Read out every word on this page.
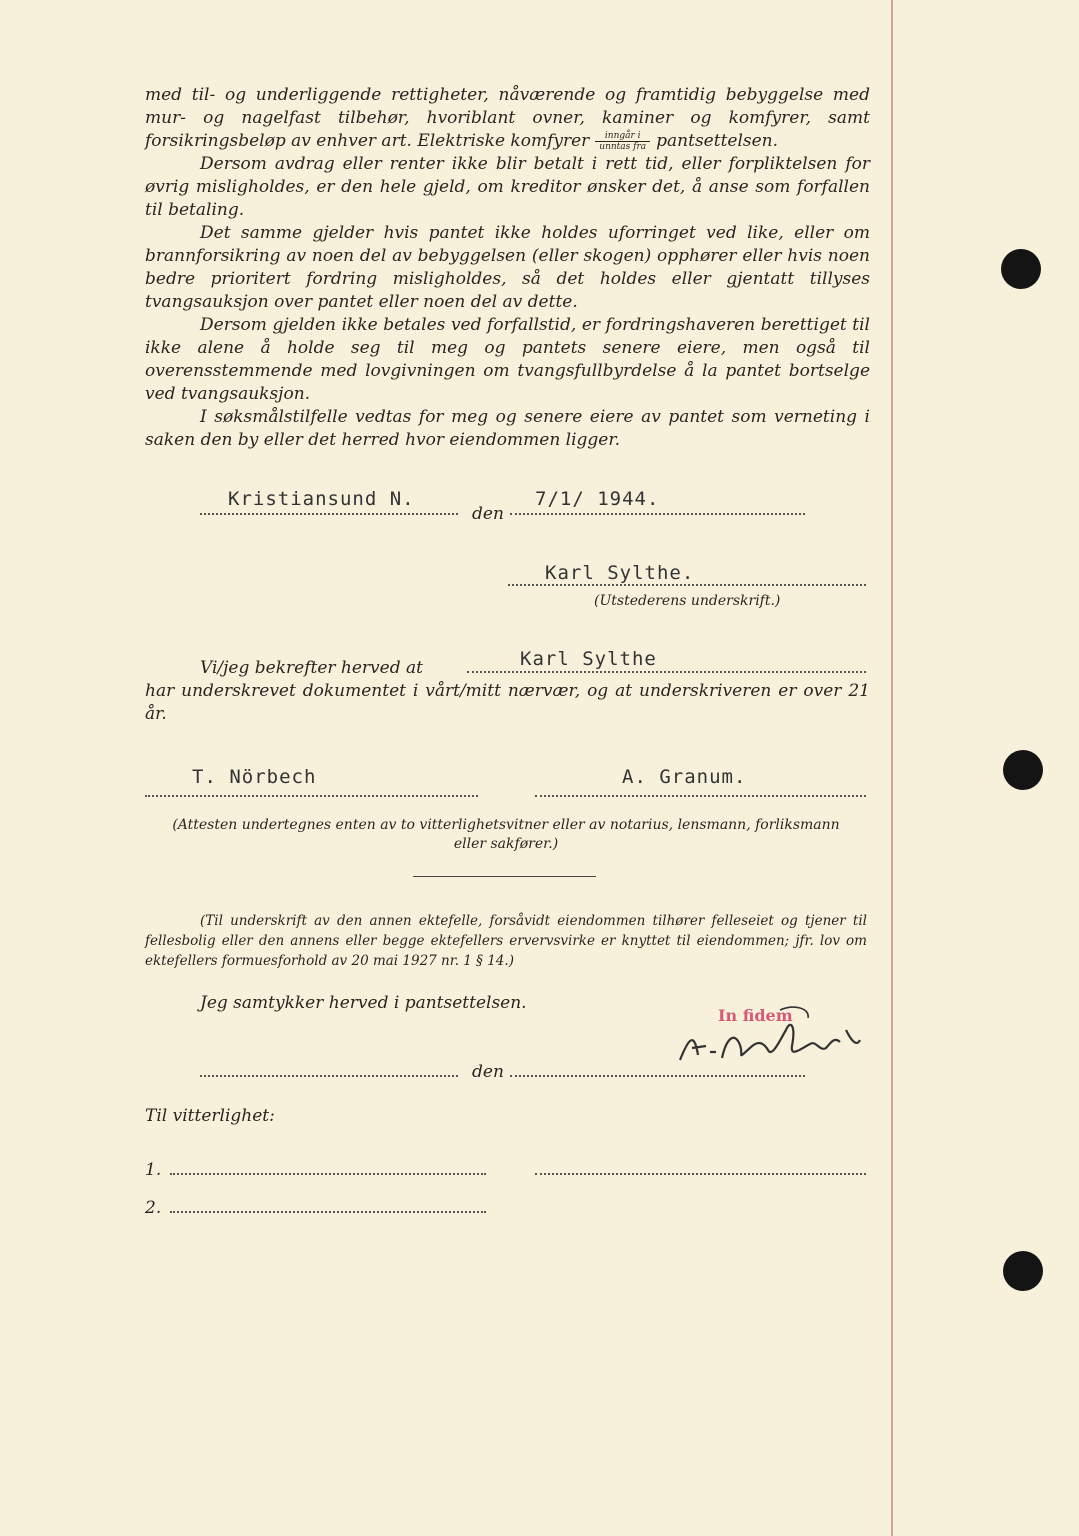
med til- og underliggende rettigheter, nåværende og framtidig bebyggelse med mur- og nagelfast tilbehør, hvoriblant ovner, kaminer og komfyrer, samt forsikringsbeløp av enhver art. Elektriske komfyrer $\frac{\text{inngår i}}{\text{unntas fra}}$ pantsettelsen.

Dersom avdrag eller renter ikke blir betalt i rett tid, eller forpliktelsen for øvrig misligholdes, er den hele gjeld, om kreditor ønsker det, å anse som forfallen til betaling.

Det samme gjelder hvis pantet ikke holdes uforringet ved like, eller om brannforsikring av noen del av bebyggelsen (eller skogen) opphører eller hvis noen bedre prioritert fordring misligholdes, så det holdes eller gjentatt tillyses tvangsauksjon over pantet eller noen del av dette.

Dersom gjelden ikke betales ved forfallstid, er fordringshaveren berettiget til ikke alene å holde seg til meg og pantets senere eiere, men også til overensstemmende med lovgivningen om tvangsfullbyrdelse å la pantet bortselge ved tvangsauksjon.

I søksmålstilfelle vedtas for meg og senere eiere av pantet som verneting i saken den by eller det herred hvor eiendommen ligger.

Kristiansund N.
den
7/1/ 1944.
Karl Sylthe.
(Utstederens underskrift.)
Vi/jeg bekrefter herved at	Karl Sylthe

har underskrevet dokumentet i vårt/mitt nærvær, og at underskriveren er over 21 år.

T. Nörbech	A. Granum.
(Attesten undertegnes enten av to vitterlighetsvitner eller av notarius, lensmann, forliksmann
eller sakfører.)

(Til underskrift av den annen ektefelle, forsåvidt eiendommen tilhører felleseiet og tjener til fellesbolig eller den annens eller begge ektefellers ervervsvirke er knyttet til eiendommen; jfr. lov om ektefellers formuesforhold av 20 mai 1927 nr. 1 § 14.)

Jeg samtykker herved i pantsettelsen.
In fidem
den
Til vitterlighet:
1.
2.
